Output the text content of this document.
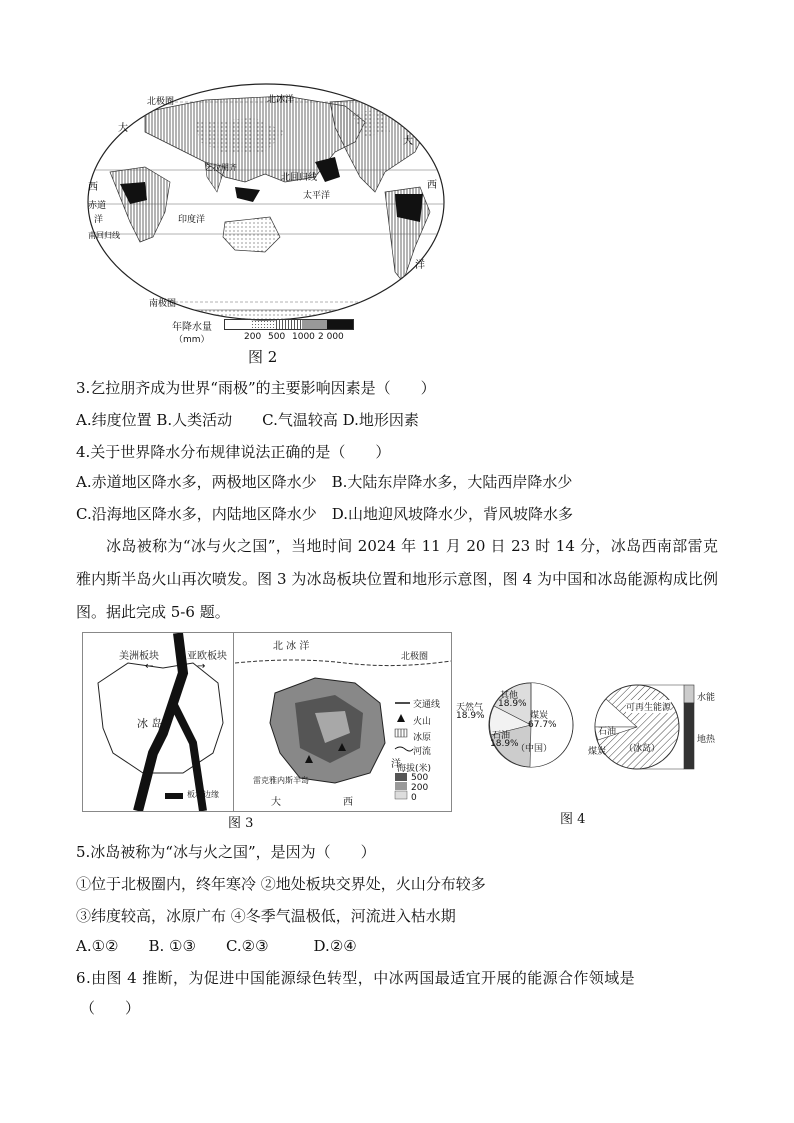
北极圈	北冰洋
大
西
赤道
洋
南回归线
乞拉朋齐
北回归线
太平洋
印度洋
大
西
洋
南极圈
年降水量
（mm）	200 500 1000 2 000
图 2
3.乞拉朋齐成为世界“雨极”的主要影响因素是（　　）
A.纬度位置 B.人类活动　　C.气温较高 D.地形因素
4.关于世界降水分布规律说法正确的是（　　）
A.赤道地区降水多，两极地区降水少　B.大陆东岸降水多，大陆西岸降水少
C.沿海地区降水多，内陆地区降水少　D.山地迎风坡降水少，背风坡降水多
冰岛被称为“冰与火之国”，当地时间 2024 年 11 月 20 日 23 时 14 分，冰岛西南部雷克雅内斯半岛火山再次喷发。图 3 为冰岛板块位置和地形示意图，图 4 为中国和冰岛能源构成比例图。据此完成 5-6 题。
美洲板块	亚欧板块
←	→
冰 岛
板块边缘
北 冰 洋
北极圈
交通线
火山
冰原
河流
洋
海拔(米)
500
200
0
雷克雅内斯半岛
大	西
图 3
煤炭
67.7%
天然气
18.9%
其他
18.9%
石油
18.9%
（中国）
可再生能源
石油
煤炭 （冰岛）
水能
地热
图 4
5.冰岛被称为“冰与火之国”，是因为（　　）
①位于北极圈内，终年寒冷 ②地处板块交界处，火山分布较多
③纬度较高，冰原广布 ④冬季气温极低，河流进入枯水期
A.①②　　B. ①③　　C.②③　　　D.②④
6.由图 4 推断，为促进中国能源绿色转型，中冰两国最适宜开展的能源合作领域是
（　　）
